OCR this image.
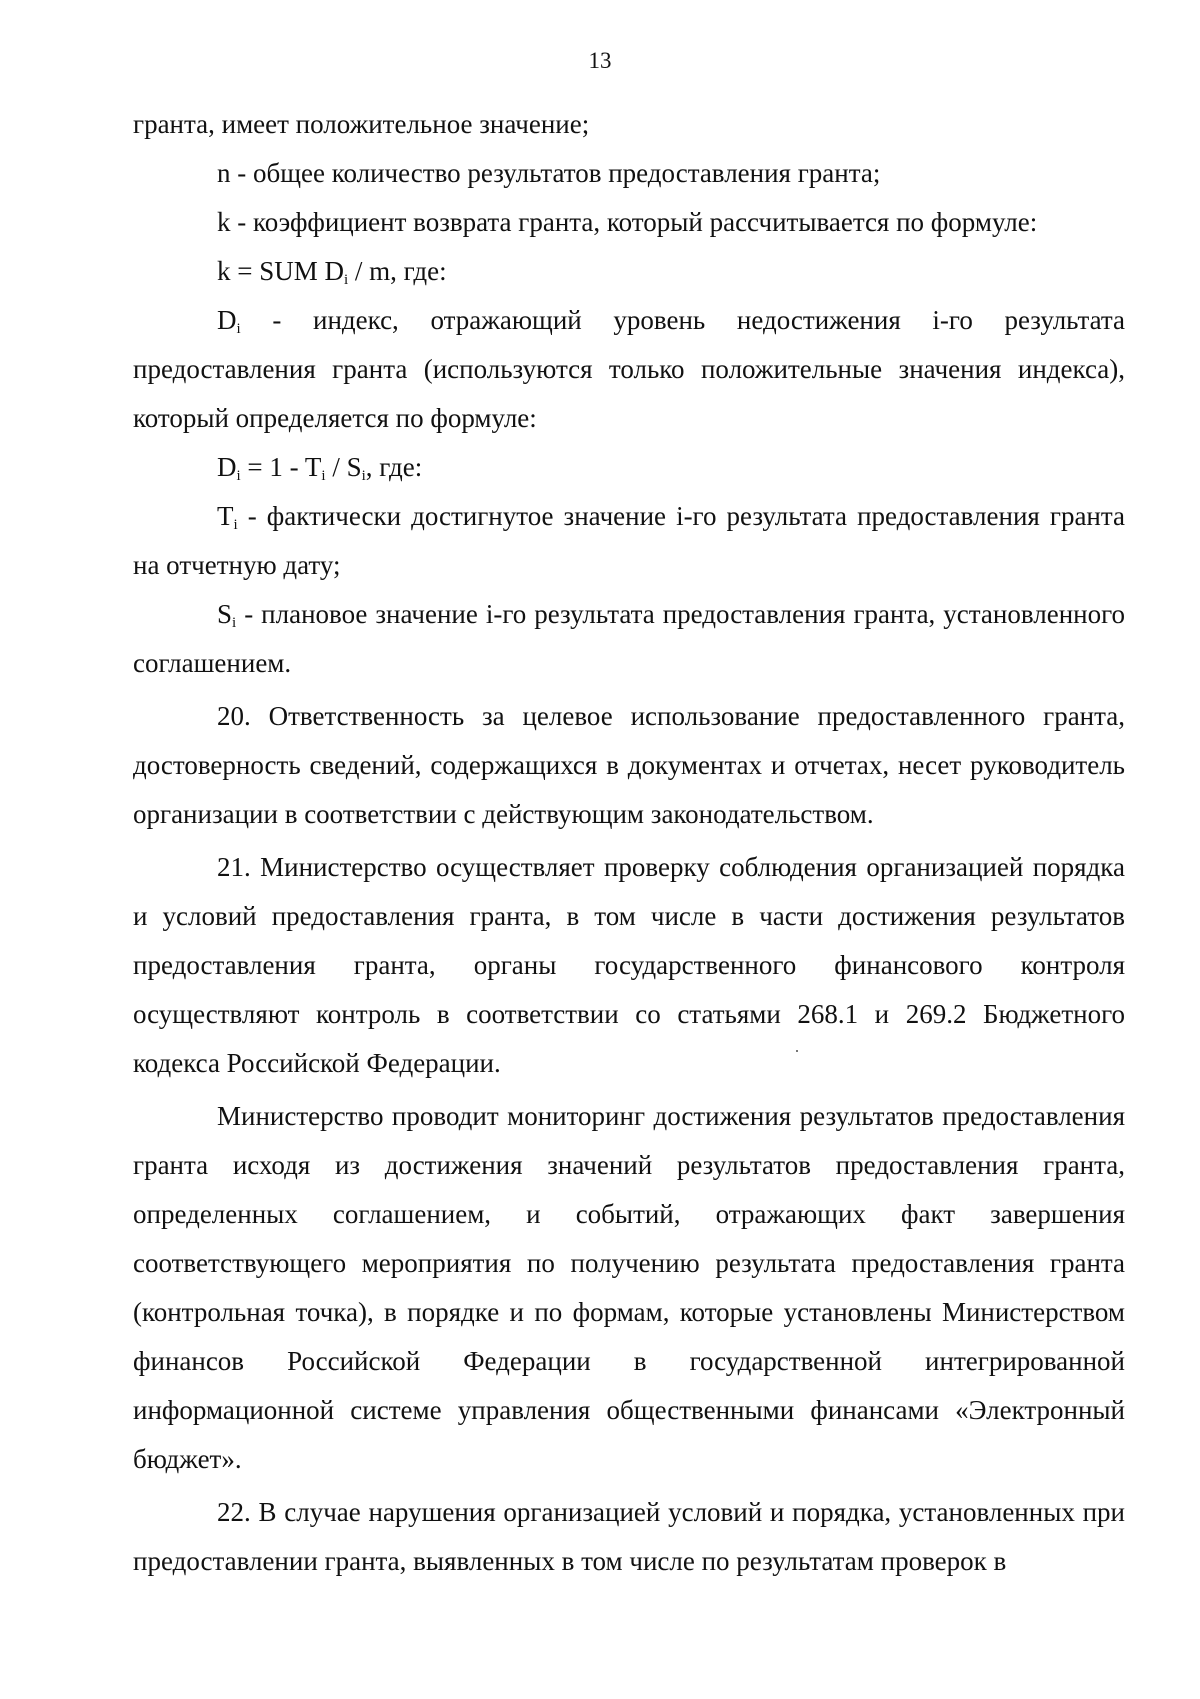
13

гранта, имеет положительное значение;

n - общее количество результатов предоставления гранта;

k - коэффициент возврата гранта, который рассчитывается по формуле:

k = SUM $D_i$ / m, где:

$D_i$ - индекс, отражающий уровень недостижения i-го результата предоставления гранта (используются только положительные значения индекса), который определяется по формуле:

$D_i = 1 - T_i / S_i$, где:

$T_i$ - фактически достигнутое значение i-го результата предоставления гранта на отчетную дату;

$S_i$ - плановое значение i-го результата предоставления гранта, установленного соглашением.

20. Ответственность за целевое использование предоставленного гранта, достоверность сведений, содержащихся в документах и отчетах, несет руководитель организации в соответствии с действующим законодательством.

21. Министерство осуществляет проверку соблюдения организацией порядка и условий предоставления гранта, в том числе в части достижения результатов предоставления гранта, органы государственного финансового контроля осуществляют контроль в соответствии со статьями 268.1 и 269.2 Бюджетного кодекса Российской Федерации.

Министерство проводит мониторинг достижения результатов предоставления гранта исходя из достижения значений результатов предоставления гранта, определенных соглашением, и событий, отражающих факт завершения соответствующего мероприятия по получению результата предоставления гранта (контрольная точка), в порядке и по формам, которые установлены Министерством финансов Российской Федерации в государственной интегрированной информационной системе управления общественными финансами «Электронный бюджет».

22. В случае нарушения организацией условий и порядка, установленных при предоставлении гранта, выявленных в том числе по результатам проверок в
